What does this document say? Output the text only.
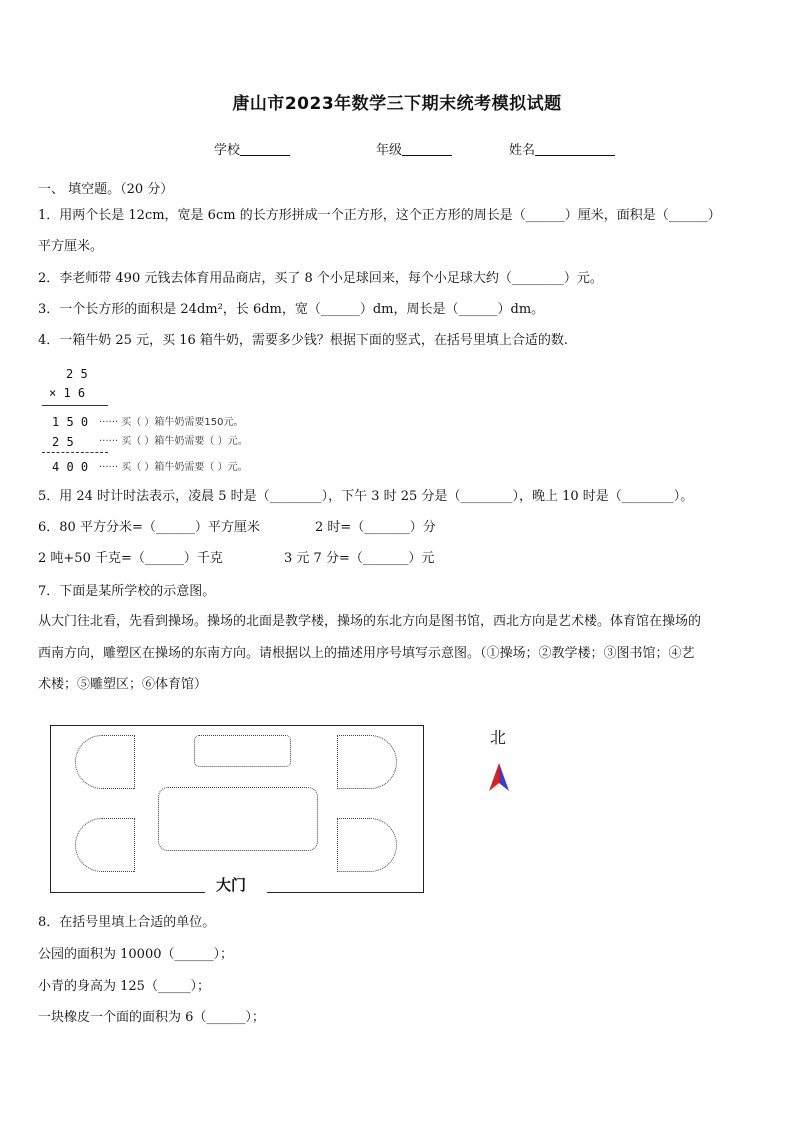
唐山市2023年数学三下期末统考模拟试题
学校	年级	姓名
一、 填空题。（20 分）
1．用两个长是 12cm，宽是 6cm 的长方形拼成一个正方形，这个正方形的周长是（______）厘米，面积是（______）
平方厘米。
2．李老师带 490 元钱去体育用品商店，买了 8 个小足球回来，每个小足球大约（________）元。
3．一个长方形的面积是 24dm²，长 6dm，宽（______）dm，周长是（______）dm。
4．一箱牛奶 25 元，买 16 箱牛奶，需要多少钱？根据下面的竖式，在括号里填上合适的数.
2 5
× 1 6
1 5 0 ······ 买（ ）箱牛奶需要150元。
2 5	······ 买（ ）箱牛奶需要（ ）元。
4 0 0 ······ 买（ ）箱牛奶需要（ ）元。
5．用 24 时计时法表示，凌晨 5 时是（________），下午 3 时 25 分是（________），晚上 10 时是（________）。
6．80 平方分米=（______）平方厘米	2 时=（_______）分
2 吨+50 千克=（______）千克	3 元 7 分=（_______）元
7．下面是某所学校的示意图。
从大门往北看，先看到操场。操场的北面是教学楼，操场的东北方向是图书馆，西北方向是艺术楼。体育馆在操场的
西南方向，雕塑区在操场的东南方向。请根据以上的描述用序号填写示意图。（①操场；②教学楼；③图书馆；④艺
术楼；⑤雕塑区；⑥体育馆）
大门
北
8．在括号里填上合适的单位。
公园的面积为 10000（______）；
小青的身高为 125（_____）；
一块橡皮一个面的面积为 6（______）；
